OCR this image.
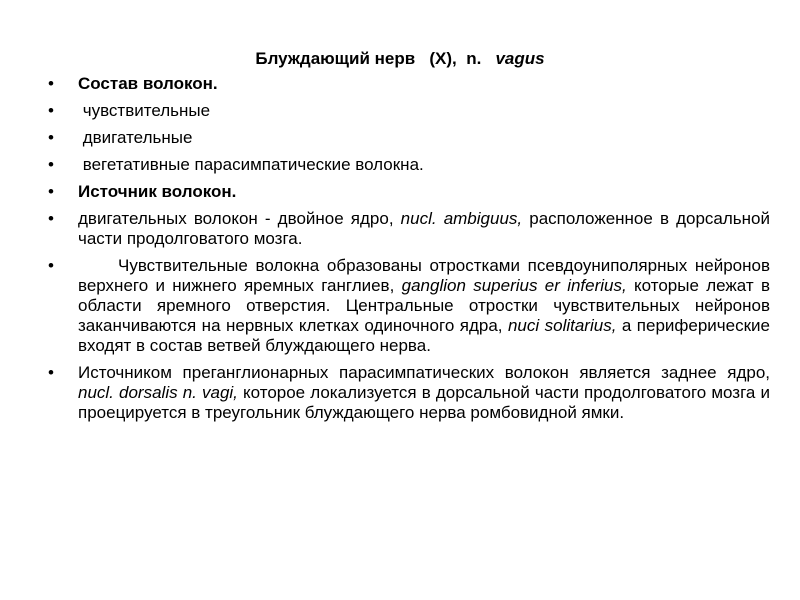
Блуждающий нерв   (X),  n.   vagus
•	Состав волокон.
•	чувствительные
•	двигательные
•	вегетативные парасимпатические волокна.
•	Источник волокон.
•	двигательных волокон - двойное ядро, nucl. ambiguus, расположенное в дорсальной части продолговатого мозга.
•	Чувствительные волокна образованы отростками псевдоуниполярных нейронов верхнего и нижнего яремных ганглиев, ganglion superius er inferius, которые лежат в области яремного отверстия. Центральные отростки чувствительных нейронов заканчиваются на нервных клетках одиночного ядра, nuci solitarius, а периферические входят в состав ветвей блуждающего нерва.
•	Источником преганглионарных парасимпатических волокон является заднее ядро, nucl. dorsalis n. vagi, которое локализуется в дорсальной части продолговатого мозга и проецируется в треугольник блуждающего нерва ромбовидной ямки.
